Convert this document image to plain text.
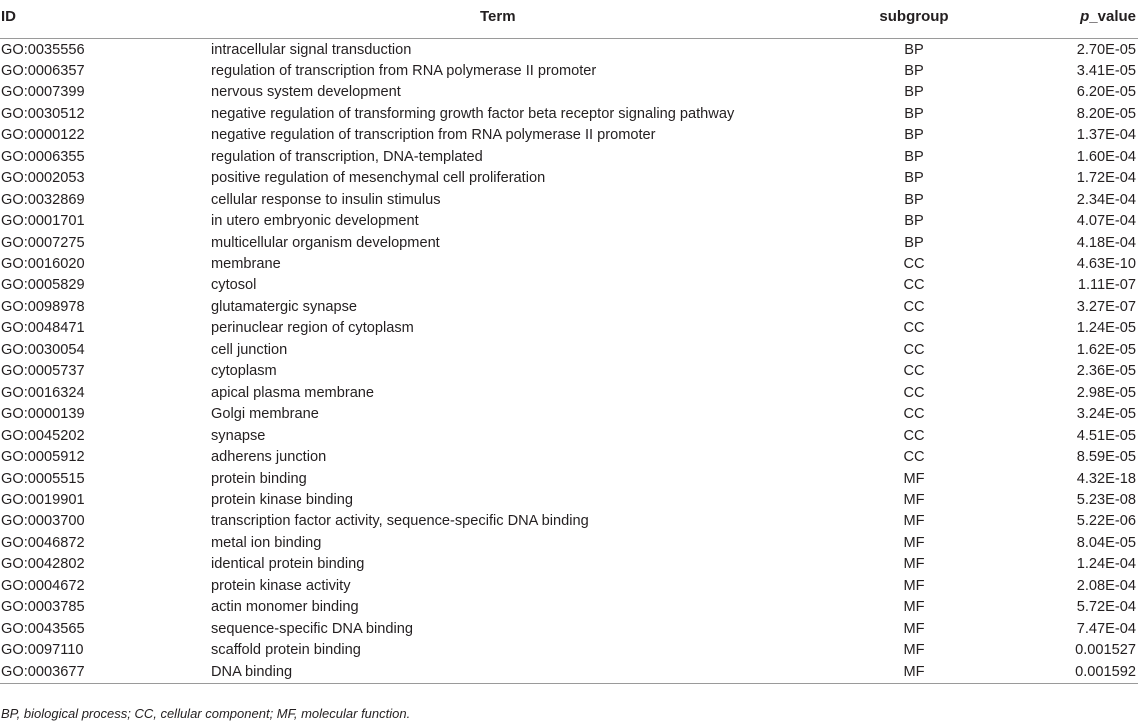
ID	Term	subgroup	p_value
GO:0035556	intracellular signal transduction	BP	2.70E-05
GO:0006357	regulation of transcription from RNA polymerase II promoter	BP	3.41E-05
GO:0007399	nervous system development	BP	6.20E-05
GO:0030512	negative regulation of transforming growth factor beta receptor signaling pathway	BP	8.20E-05
GO:0000122	negative regulation of transcription from RNA polymerase II promoter	BP	1.37E-04
GO:0006355	regulation of transcription, DNA-templated	BP	1.60E-04
GO:0002053	positive regulation of mesenchymal cell proliferation	BP	1.72E-04
GO:0032869	cellular response to insulin stimulus	BP	2.34E-04
GO:0001701	in utero embryonic development	BP	4.07E-04
GO:0007275	multicellular organism development	BP	4.18E-04
GO:0016020	membrane	CC	4.63E-10
GO:0005829	cytosol	CC	1.11E-07
GO:0098978	glutamatergic synapse	CC	3.27E-07
GO:0048471	perinuclear region of cytoplasm	CC	1.24E-05
GO:0030054	cell junction	CC	1.62E-05
GO:0005737	cytoplasm	CC	2.36E-05
GO:0016324	apical plasma membrane	CC	2.98E-05
GO:0000139	Golgi membrane	CC	3.24E-05
GO:0045202	synapse	CC	4.51E-05
GO:0005912	adherens junction	CC	8.59E-05
GO:0005515	protein binding	MF	4.32E-18
GO:0019901	protein kinase binding	MF	5.23E-08
GO:0003700	transcription factor activity, sequence-specific DNA binding	MF	5.22E-06
GO:0046872	metal ion binding	MF	8.04E-05
GO:0042802	identical protein binding	MF	1.24E-04
GO:0004672	protein kinase activity	MF	2.08E-04
GO:0003785	actin monomer binding	MF	5.72E-04
GO:0043565	sequence-specific DNA binding	MF	7.47E-04
GO:0097110	scaffold protein binding	MF	0.001527
GO:0003677	DNA binding	MF	0.001592
BP, biological process; CC, cellular component; MF, molecular function.
